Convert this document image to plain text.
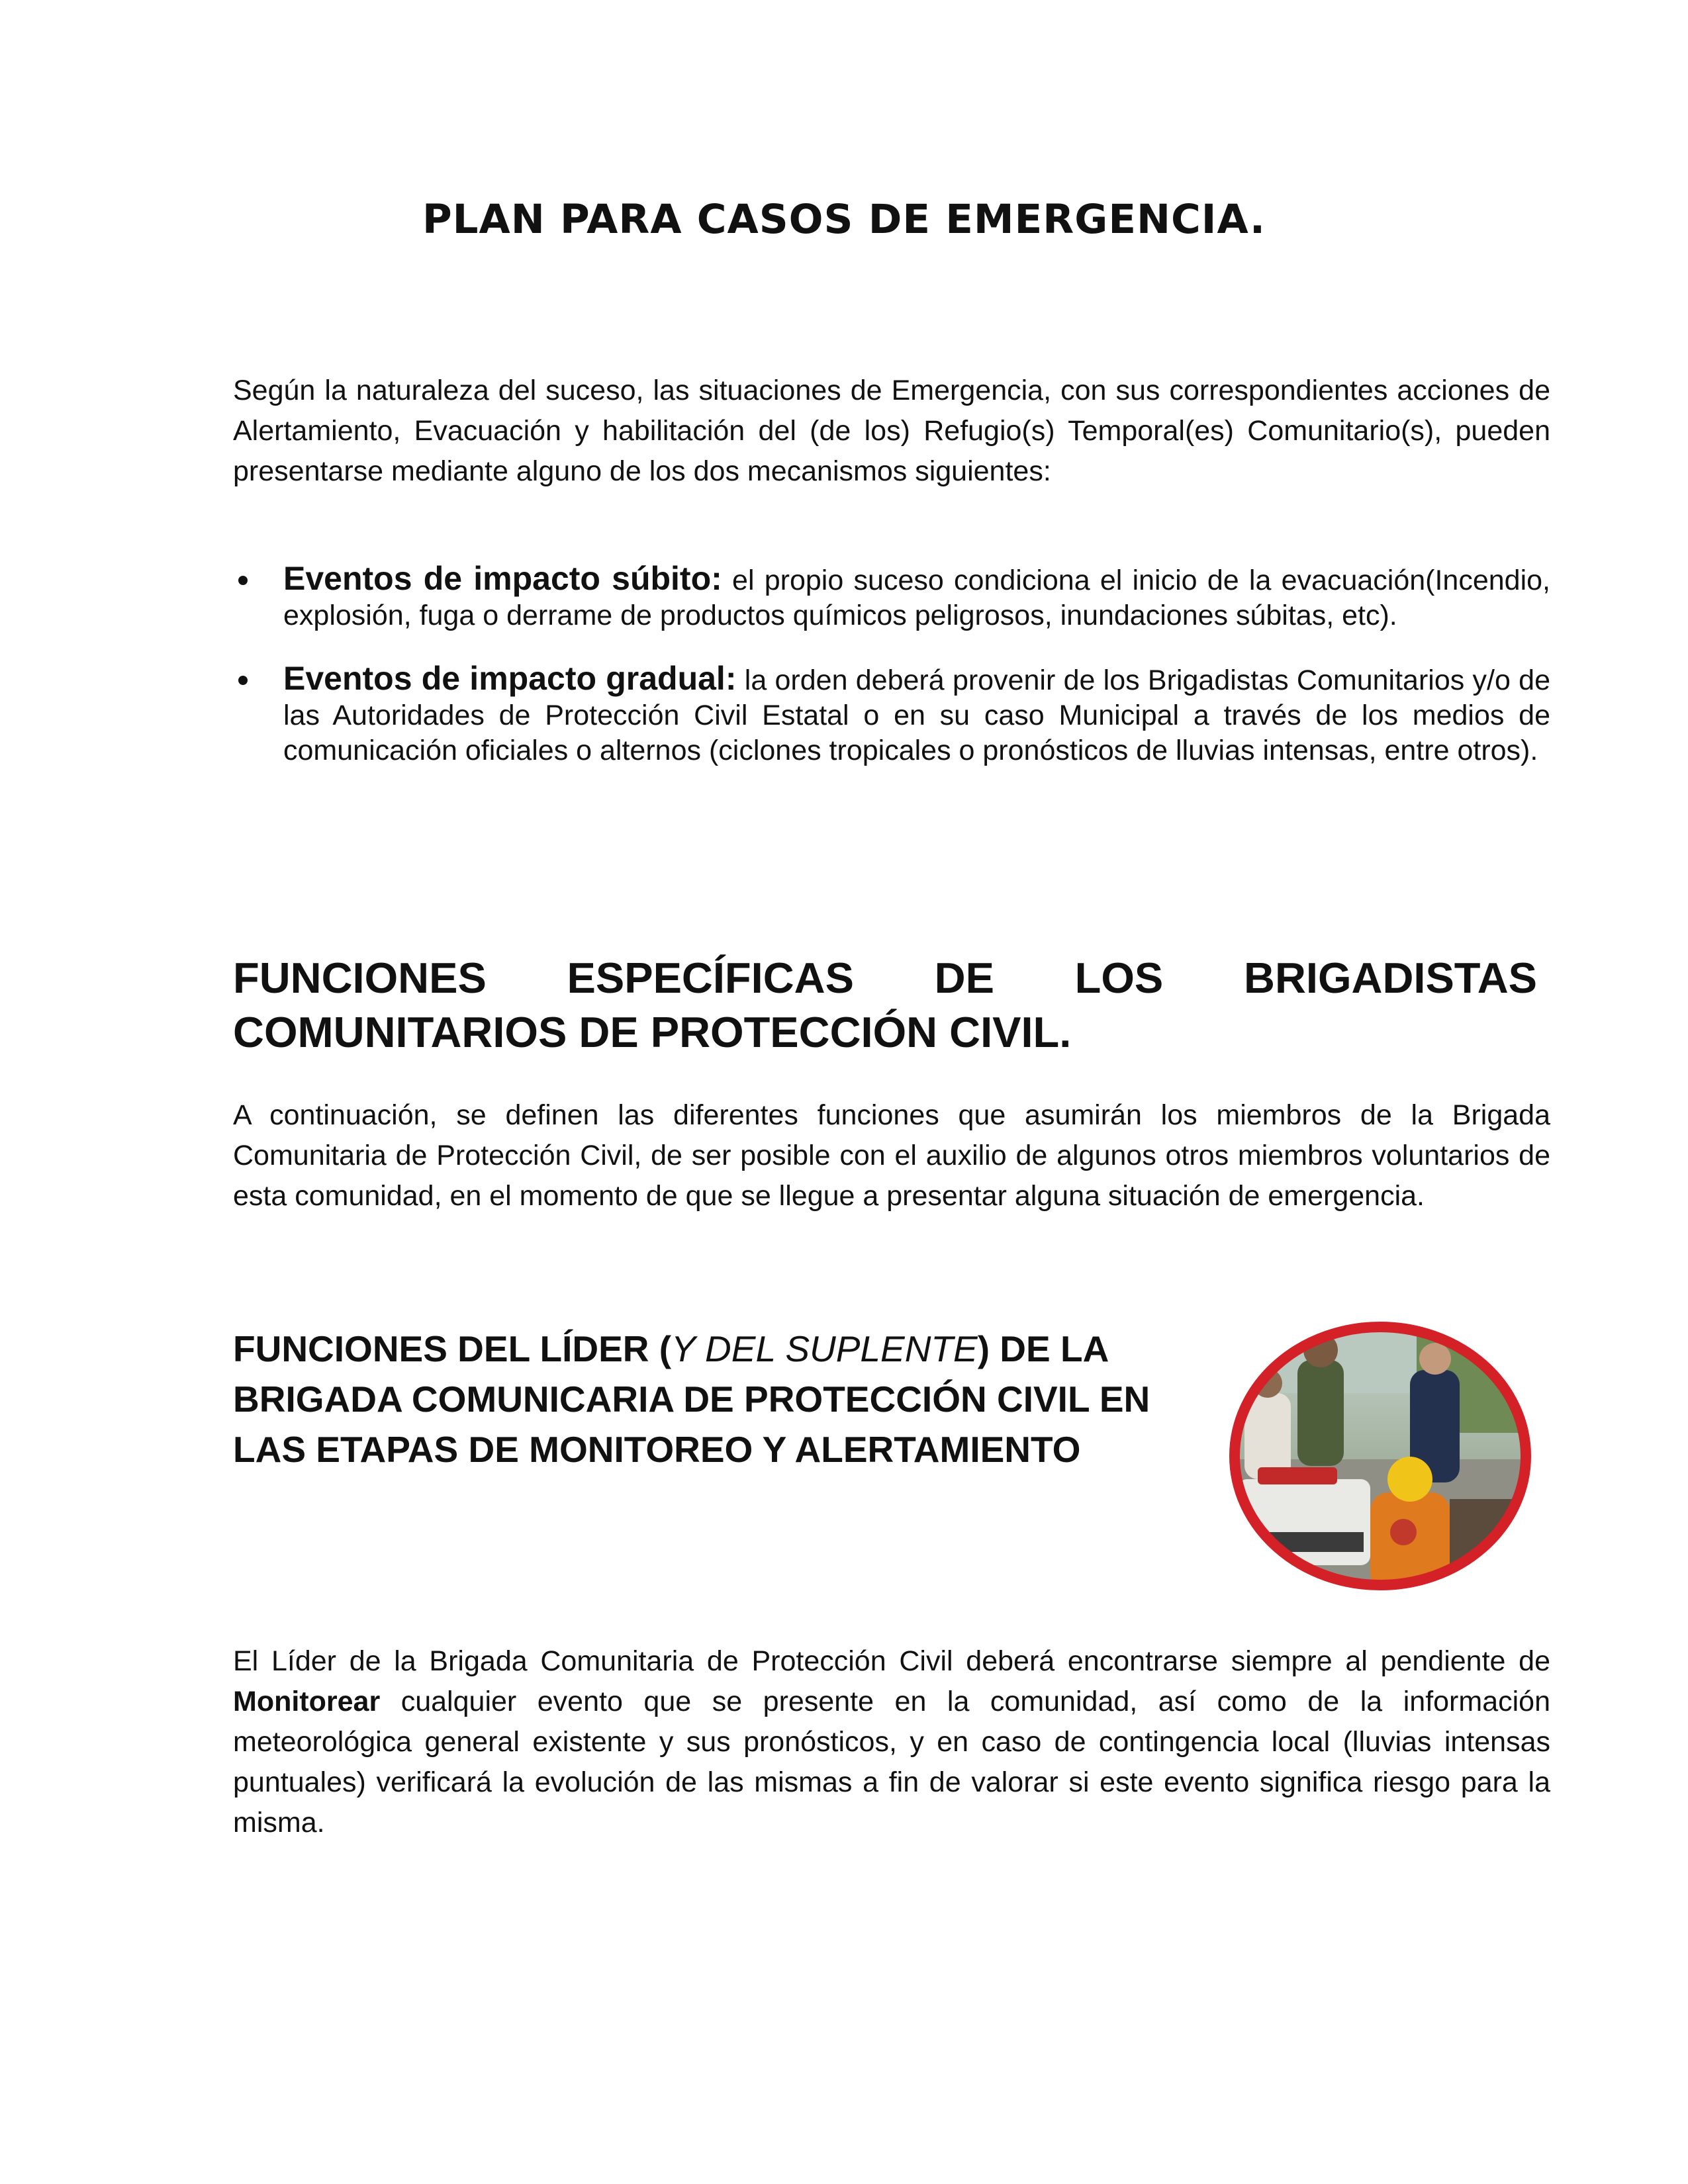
PLAN PARA CASOS DE EMERGENCIA.

Según la naturaleza del suceso, las situaciones de Emergencia, con sus correspondientes acciones de Alertamiento, Evacuación y habilitación del (de los) Refugio(s) Temporal(es) Comunitario(s), pueden presentarse mediante alguno de los dos mecanismos siguientes:

Eventos de impacto súbito: el propio suceso condiciona el inicio de la evacuación(Incendio, explosión, fuga o derrame de productos químicos peligrosos, inundaciones súbitas, etc).
Eventos de impacto gradual: la orden deberá provenir de los Brigadistas Comunitarios y/o de las Autoridades de Protección Civil Estatal o en su caso Municipal a través de los medios de comunicación oficiales o alternos (ciclones tropicales o pronósticos de lluvias intensas, entre otros).
FUNCIONES ESPECÍFICAS DE LOS BRIGADISTAS
COMUNITARIOS DE PROTECCIÓN CIVIL.

A continuación, se definen las diferentes funciones que asumirán los miembros de la Brigada Comunitaria de Protección Civil, de ser posible con el auxilio de algunos otros miembros voluntarios de esta comunidad, en el momento de que se llegue a presentar alguna situación de emergencia.

FUNCIONES DEL LÍDER (Y DEL SUPLENTE) DE LA BRIGADA COMUNICARIA DE PROTECCIÓN CIVIL EN LAS ETAPAS DE MONITOREO Y ALERTAMIENTO

El Líder de la Brigada Comunitaria de Protección Civil deberá encontrarse siempre al pendiente de Monitorear cualquier evento que se presente en la comunidad, así como de la información meteorológica general existente y sus pronósticos, y en caso de contingencia local (lluvias intensas puntuales) verificará la evolución de las mismas a fin de valorar si este evento significa riesgo para la misma.
